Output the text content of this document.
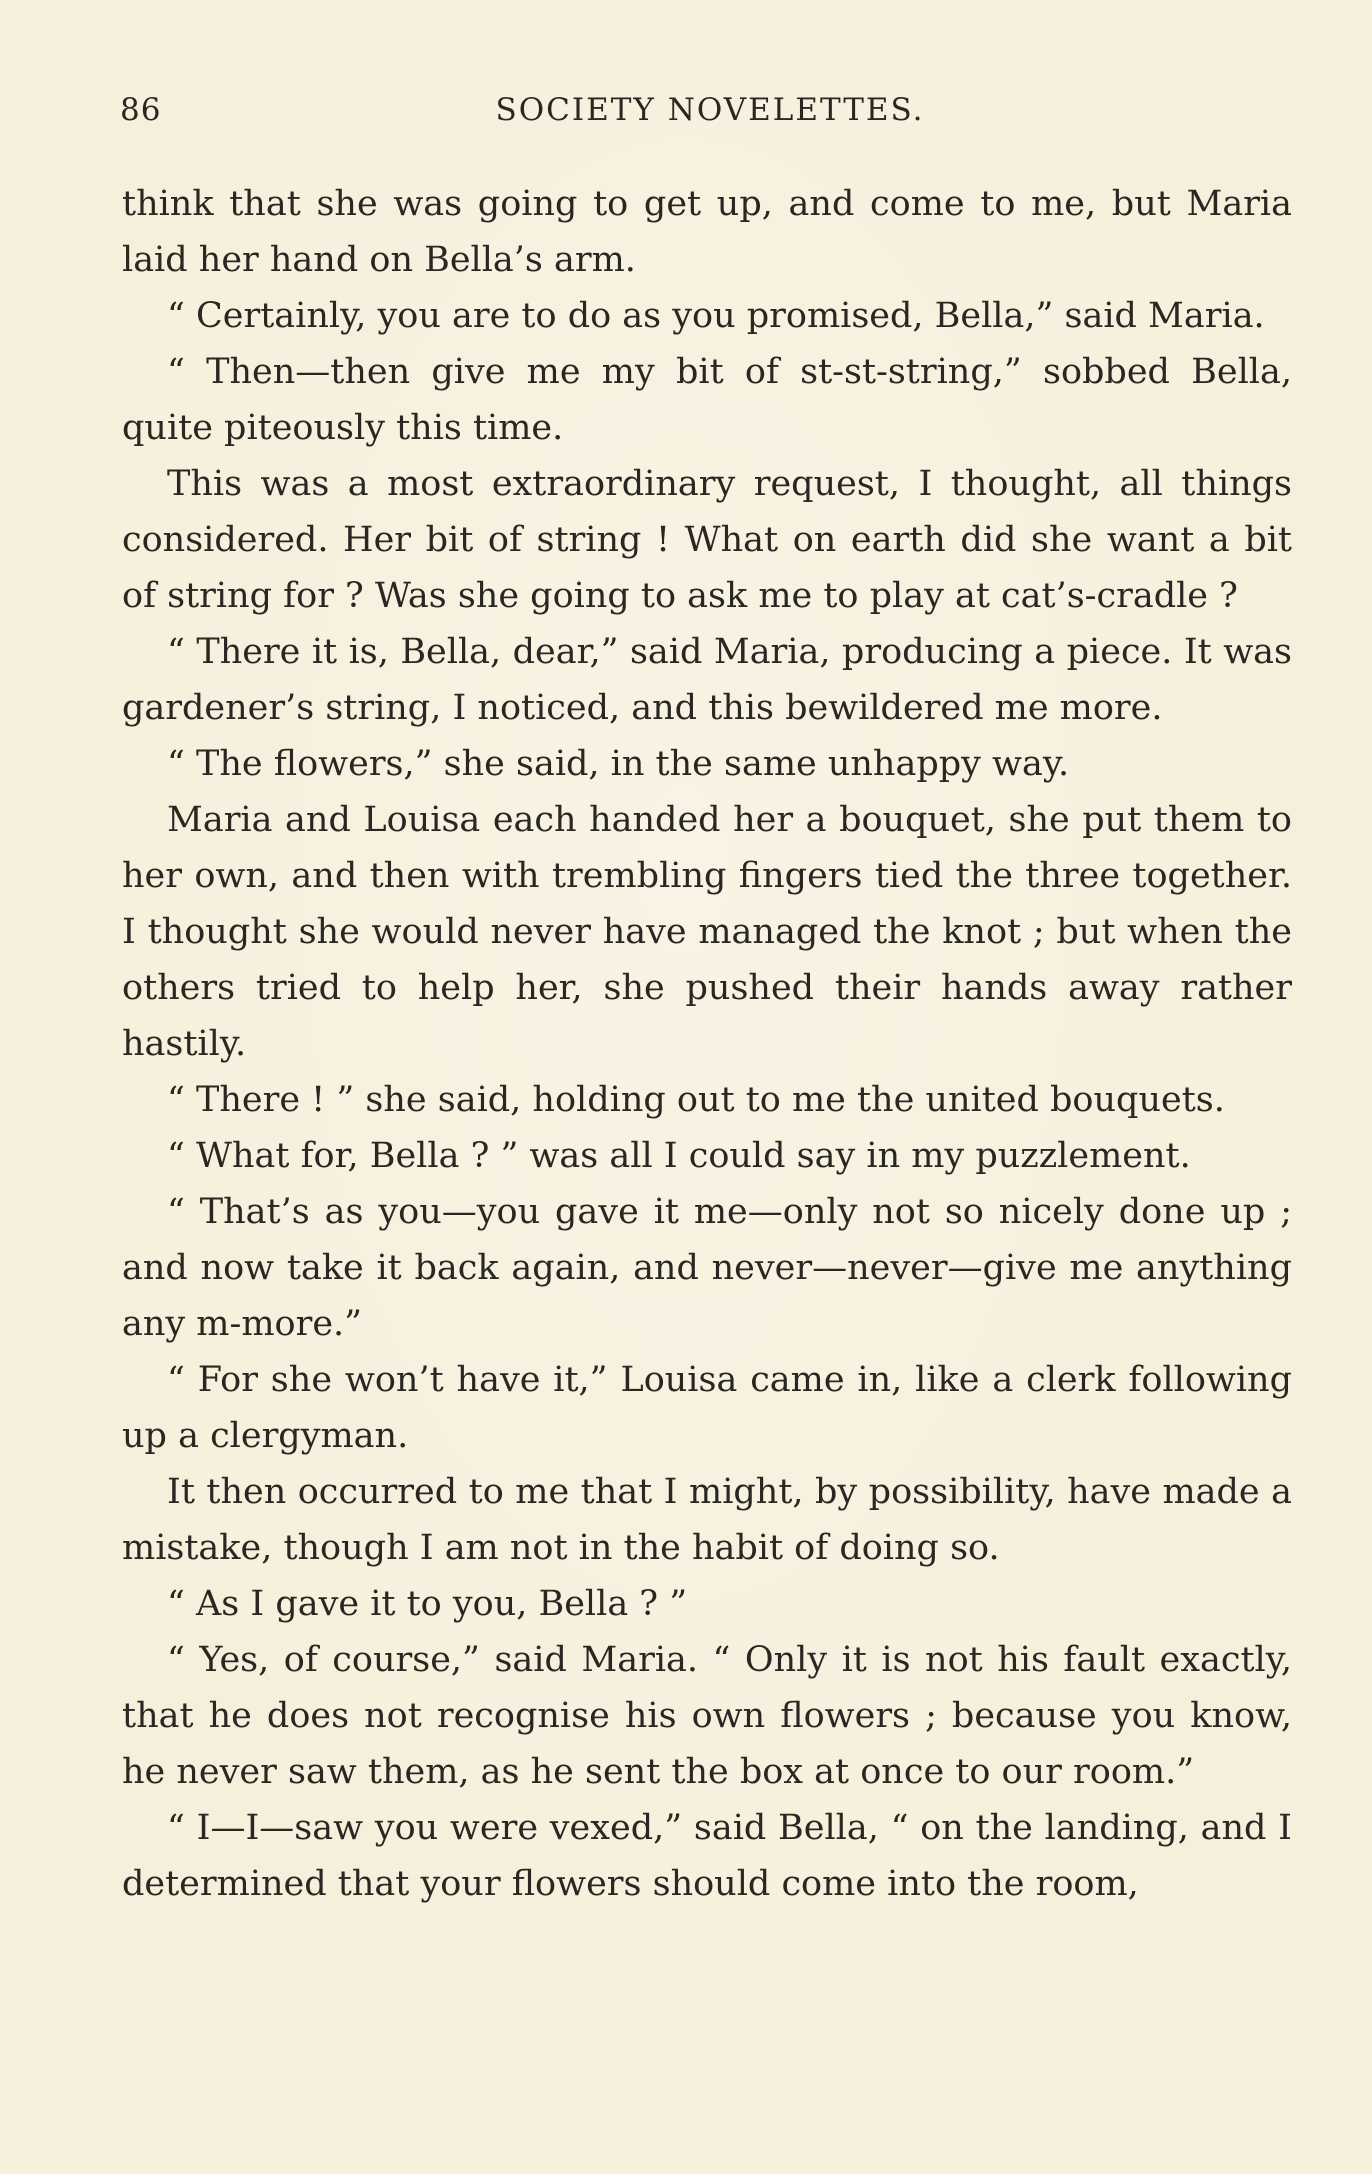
86	SOCIETY NOVELETTES.

think that she was going to get up, and come to me, but Maria laid her hand on Bella’s arm.

“ Certainly, you are to do as you promised, Bella,” said Maria.

“ Then—then give me my bit of st-st-string,” sobbed Bella, quite piteously this time.

This was a most extraordinary request, I thought, all things considered. Her bit of string ! What on earth did she want a bit of string for ? Was she going to ask me to play at cat’s-cradle ?

“ There it is, Bella, dear,” said Maria, producing a piece. It was gardener’s string, I noticed, and this bewildered me more.

“ The flowers,” she said, in the same unhappy way.

Maria and Louisa each handed her a bouquet, she put them to her own, and then with trembling fingers tied the three together. I thought she would never have managed the knot ; but when the others tried to help her, she pushed their hands away rather hastily.

“ There ! ” she said, holding out to me the united bouquets.

“ What for, Bella ? ” was all I could say in my puzzlement.

“ That’s as you—you gave it me—only not so nicely done up ; and now take it back again, and never—never—give me anything any m-more.”

“ For she won’t have it,” Louisa came in, like a clerk following up a clergyman.

It then occurred to me that I might, by possibility, have made a mistake, though I am not in the habit of doing so.

“ As I gave it to you, Bella ? ”

“ Yes, of course,” said Maria. “ Only it is not his fault exactly, that he does not recognise his own flowers ; because you know, he never saw them, as he sent the box at once to our room.”

“ I—I—saw you were vexed,” said Bella, “ on the landing, and I determined that your flowers should come into the room,
